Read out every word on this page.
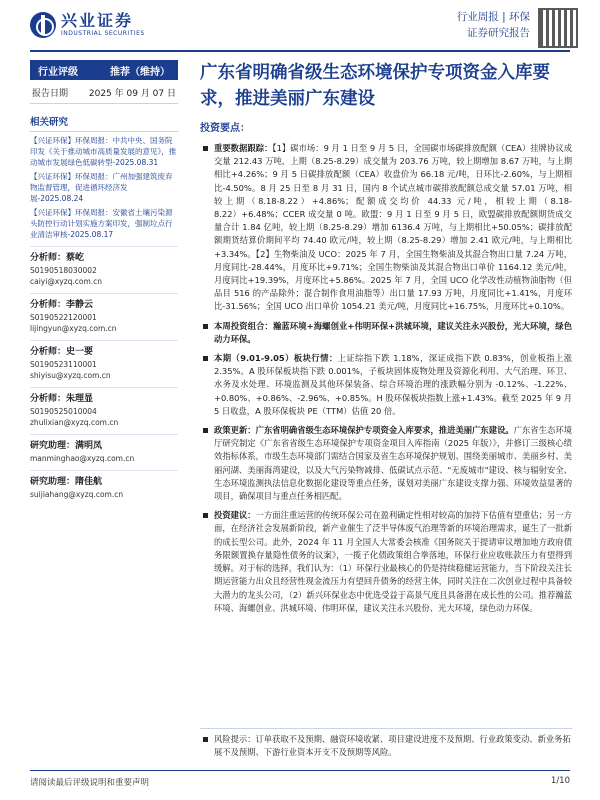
兴业证券
INDUSTRIAL SECURITIES
行业周报 | 环保
证券研究报告
行业评级	推荐（维持）
报告日期 2025 年 09 月 07 日
相关研究
【兴证环保】环保周报：中共中央、国务院印发《关于推动城市高质量发展的意见》，推动城市发展绿色低碳转型-2025.08.31
【兴证环保】环保周报：广州加强建筑废弃物监督管理，促进循环经济发展-2025.08.24
【兴证环保】环保周报：安徽省土壤污染源头防控行动计划实施方案印发，强制垃点行业清洁审核-2025.08.17
分析师：蔡屹
S0190518030002
caiyi@xyzq.com.cn
分析师：李静云
S0190522120001
lijingyun@xyzq.com.cn
分析师：史一要
S0190523110001
shiyisu@xyzq.com.cn
分析师：朱理显
S0190525010004
zhulixian@xyzq.com.cn
研究助理：满明凤
manminghao@xyzq.com.cn
研究助理：隋佳航
suijiahang@xyzq.com.cn
广东省明确省级生态环境保护专项资金入库要求，推进美丽广东建设
投资要点：
重要数据跟踪：【1】碳市场：9 月 1 日至 9 月 5 日，全国碳市场碳排放配额（CEA）挂牌协议成交量 212.43 万吨，上期（8.25-8.29）成交量为 203.76 万吨，较上期增加 8.67 万吨，与上期相比+4.26%；9 月 5 日碳排放配额（CEA）收盘价为 66.18 元/吨，日环比-2.60%，与上期相比-4.50%。8 月 25 日至 8 月 31 日，国内 8 个试点城市碳排放配额总成交量 57.01 万吨，相较上期（8.18-8.22）+4.86%；配额成交均价 44.33 元/吨，相较上期（8.18-8.22）+6.48%；CCER 成交量 0 吨。欧盟：9 月 1 日至 9 月 5 日，欧盟碳排放配额期货成交量合计 1.84 亿吨，较上期（8.25-8.29）增加 6136.4 万吨，与上期相比+50.05%；碳排放配额期货结算价期间平均 74.40 欧元/吨，较上期（8.25-8.29）增加 2.41 欧元/吨，与上期相比+3.34%。【2】生物柴油及 UCO：2025 年 7 月，全国生物柴油及其混合物出口量 7.24 万吨，月度同比-28.44%，月度环比+9.71%；全国生物柴油及其混合物出口单价 1164.12 美元/吨，月度同比+19.39%，月度环比+5.86%。2025 年 7 月，全国 UCO 化学改性动植物油脂物（但品目 516 的产品除外；混合制作食用油脂等）出口量 17.93 万吨，月度同比+1.41%，月度环比-31.56%；全国 UCO 出口单价 1054.21 美元/吨，月度同比+16.75%，月度环比+0.10%。
本周投资组合：瀚蓝环境+海螺创业+伟明环保+洪城环境，建议关注永兴股份，光大环境，绿色动力环保。
本期（9.01-9.05）板块行情：上证综指下跌 1.18%，深证成指下跌 0.83%，创业板指上涨 2.35%。A 股环保板块指下跌 0.001%，子板块固体废物处理及资源化利用、大气治理、环卫、水务及水处理、环境监测及其他环保装备、综合环境治理的涨跌幅分别为 -0.12%、-1.22%、+0.80%、+0.86%、-2.96%、+0.85%。H 股环保板块指数上涨+1.43%。截至 2025 年 9 月 5 日收盘，A 股环保板块 PE（TTM）估值 20 倍。
政策更新：广东省明确省级生态环境保护专项资金入库要求，推进美丽广东建设。广东省生态环境厅研究制定《广东省省级生态环境保护专项资金项目入库指南（2025 年版）》，并修订三级核心绩效指标体系，市级生态环境部门需结合国家及省生态环境保护规划、围绕美丽城市、美丽乡村、美丽河湖、美丽海湾建设，以及大气污染物减排、低碳试点示范、"无废城市"建设、核与辐射安全、生态环境监测执法信息化数据化建设等重点任务，谋划对美丽广东建设支撑力强、环境效益显著的项目，确保项目与重点任务相匹配。
投资建议：一方面注重运营的传统环保公司在盈利确定性相对较高的加持下估值有望重估；另一方面，在经济社会发展新阶段，新产业催生了泛半导体废气治理等新的环境治理需求，诞生了一批新的成长型公司。此外，2024 年 11 月全国人大常委会核准《国务院关于提请审议增加地方政府债务限额置换存量隐性债务的议案》，一揽子化债政策组合拳落地，环保行业应收账款压力有望得到缓解。对于标的选择，我们认为：（1）环保行业最核心的仍是持续稳健运营能力，当下阶段关注长期运营能力出众且经营性现金流压力有望回升债务的经营主体，同时关注在二次创业过程中具备较大潜力的龙头公司，（2）新兴环保业态中优选受益于高景气度且具备潜在成长性的公司。推荐瀚蓝环境、海螺创业、洪城环境、伟明环保，建议关注永兴股份、光大环境，绿色动力环保。

风险提示：订单获取不及预期、融资环境收紧、项目建设进度不及预期、行业政策变动、新业务拓展不及预期、下游行业资本开支不及预期等风险。

请阅读最后评级说明和重要声明	1/10
